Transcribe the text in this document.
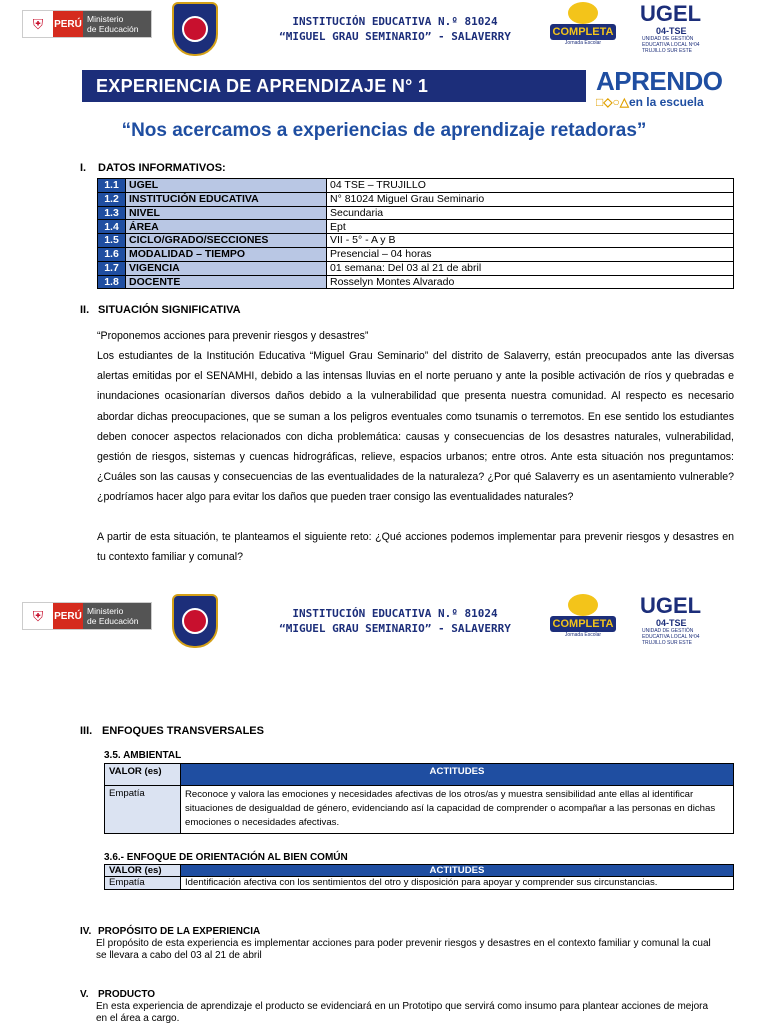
⛨	PERÚ Ministerio
de Educación
INSTITUCIÓN EDUCATIVA N.º 81024
“MIGUEL GRAU SEMINARIO” - SALAVERRY	COMPLETA
Jornada Escolar
UGEL
04-TSE
UNIDAD DE GESTIÓN
EDUCATIVA LOCAL Nº04
TRUJILLO SUR ESTE
EXPERIENCIA DE APRENDIZAJE N° 1	APRENDO
□◇○△en la escuela
“Nos acercamos a experiencias de aprendizaje retadoras”
I. DATOS INFORMATIVOS:
1.1	UGEL	04 TSE – TRUJILLO
1.2	INSTITUCIÓN EDUCATIVA	N° 81024 Miguel Grau Seminario
1.3	NIVEL	Secundaria
1.4	ÁREA	Ept
1.5	CICLO/GRADO/SECCIONES	VII - 5° - A y B
1.6	MODALIDAD – TIEMPO	Presencial – 04 horas
1.7	VIGENCIA	01 semana: Del 03 al 21 de abril
1.8	DOCENTE	Rosselyn Montes Alvarado
II. SITUACIÓN SIGNIFICATIVA
“Proponemos acciones para prevenir riesgos y desastres”
Los estudiantes de la Institución Educativa “Miguel Grau Seminario” del distrito de Salaverry, están preocupados ante las diversas alertas emitidas por el SENAMHI, debido a las intensas lluvias en el norte peruano y ante la posible activación de ríos y quebradas e inundaciones ocasionarían diversos daños debido a la vulnerabilidad que presenta nuestra comunidad. Al respecto es necesario abordar dichas preocupaciones, que se suman a los peligros eventuales como tsunamis o terremotos. En ese sentido los estudiantes deben conocer aspectos relacionados con dicha problemática: causas y consecuencias de los desastres naturales, vulnerabilidad, gestión de riesgos, sistemas y cuencas hidrográficas, relieve, espacios urbanos; entre otros. Ante esta situación nos preguntamos: ¿Cuáles son las causas y consecuencias de las eventualidades de la naturaleza? ¿Por qué Salaverry es un asentamiento vulnerable? ¿podríamos hacer algo para evitar los daños que pueden traer consigo las eventualidades naturales?
A partir de esta situación, te planteamos el siguiente reto: ¿Qué acciones podemos implementar para prevenir riesgos y desastres en tu contexto familiar y comunal?
⛨	PERÚ Ministerio
de Educación
INSTITUCIÓN EDUCATIVA N.º 81024
“MIGUEL GRAU SEMINARIO” - SALAVERRY	COMPLETA
Jornada Escolar
UGEL
04-TSE
UNIDAD DE GESTIÓN
EDUCATIVA LOCAL Nº04
TRUJILLO SUR ESTE
III. ENFOQUES TRANSVERSALES
3.5. AMBIENTAL
VALOR (es)	ACTITUDES
Empatía	Reconoce y valora las emociones y necesidades afectivas de los otros/as y muestra sensibilidad ante ellas al identificar situaciones de desigualdad de género, evidenciando así la capacidad de comprender o acompañar a las personas en dichas emociones o necesidades afectivas.
3.6.- ENFOQUE DE ORIENTACIÓN AL BIEN COMÚN
VALOR (es)	ACTITUDES
Empatía	Identificación afectiva con los sentimientos del otro y disposición para apoyar y comprender sus circunstancias.
IV. PROPÓSITO DE LA EXPERIENCIA
El propósito de esta experiencia es implementar acciones para poder prevenir riesgos y desastres en el contexto familiar y comunal la cual se llevara a cabo del 03 al 21 de abril
V. PRODUCTO
En esta experiencia de aprendizaje el producto se evidenciará en un Prototipo que servirá como insumo para plantear acciones de mejora en el área a cargo.
